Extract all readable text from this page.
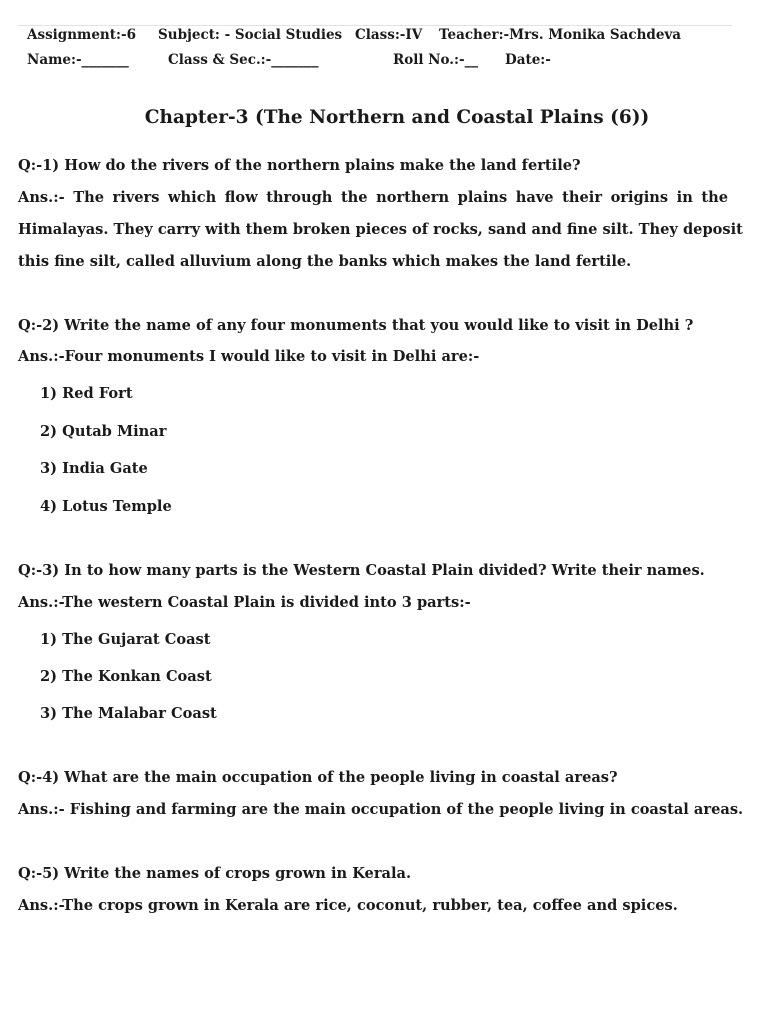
Assignment:-6 Subject: - Social Studies Class:-IV Teacher:-Mrs. Monika Sachdeva
Name:-_______	Class & Sec.:-_______	Roll No.:-__ Date:-
Chapter-3 (The Northern and Coastal Plains (6))
Q:-1) How do the rivers of the northern plains make the land fertile?
Ans.:- The rivers which flow through the northern plains have their origins in the
Himalayas. They carry with them broken pieces of rocks, sand and fine silt. They deposit
this fine silt, called alluvium along the banks which makes the land fertile.
Q:-2) Write the name of any four monuments that you would like to visit in Delhi ?
Ans.:-Four monuments I would like to visit in Delhi are:-
1) Red Fort
2) Qutab Minar
3) India Gate
4) Lotus Temple
Q:-3) In to how many parts is the Western Coastal Plain divided? Write their names.
Ans.:-The western Coastal Plain is divided into 3 parts:-
1) The Gujarat Coast
2) The Konkan Coast
3) The Malabar Coast
Q:-4) What are the main occupation of the people living in coastal areas?
Ans.:- Fishing and farming are the main occupation of the people living in coastal areas.
Q:-5) Write the names of crops grown in Kerala.
Ans.:-The crops grown in Kerala are rice, coconut, rubber, tea, coffee and spices.
